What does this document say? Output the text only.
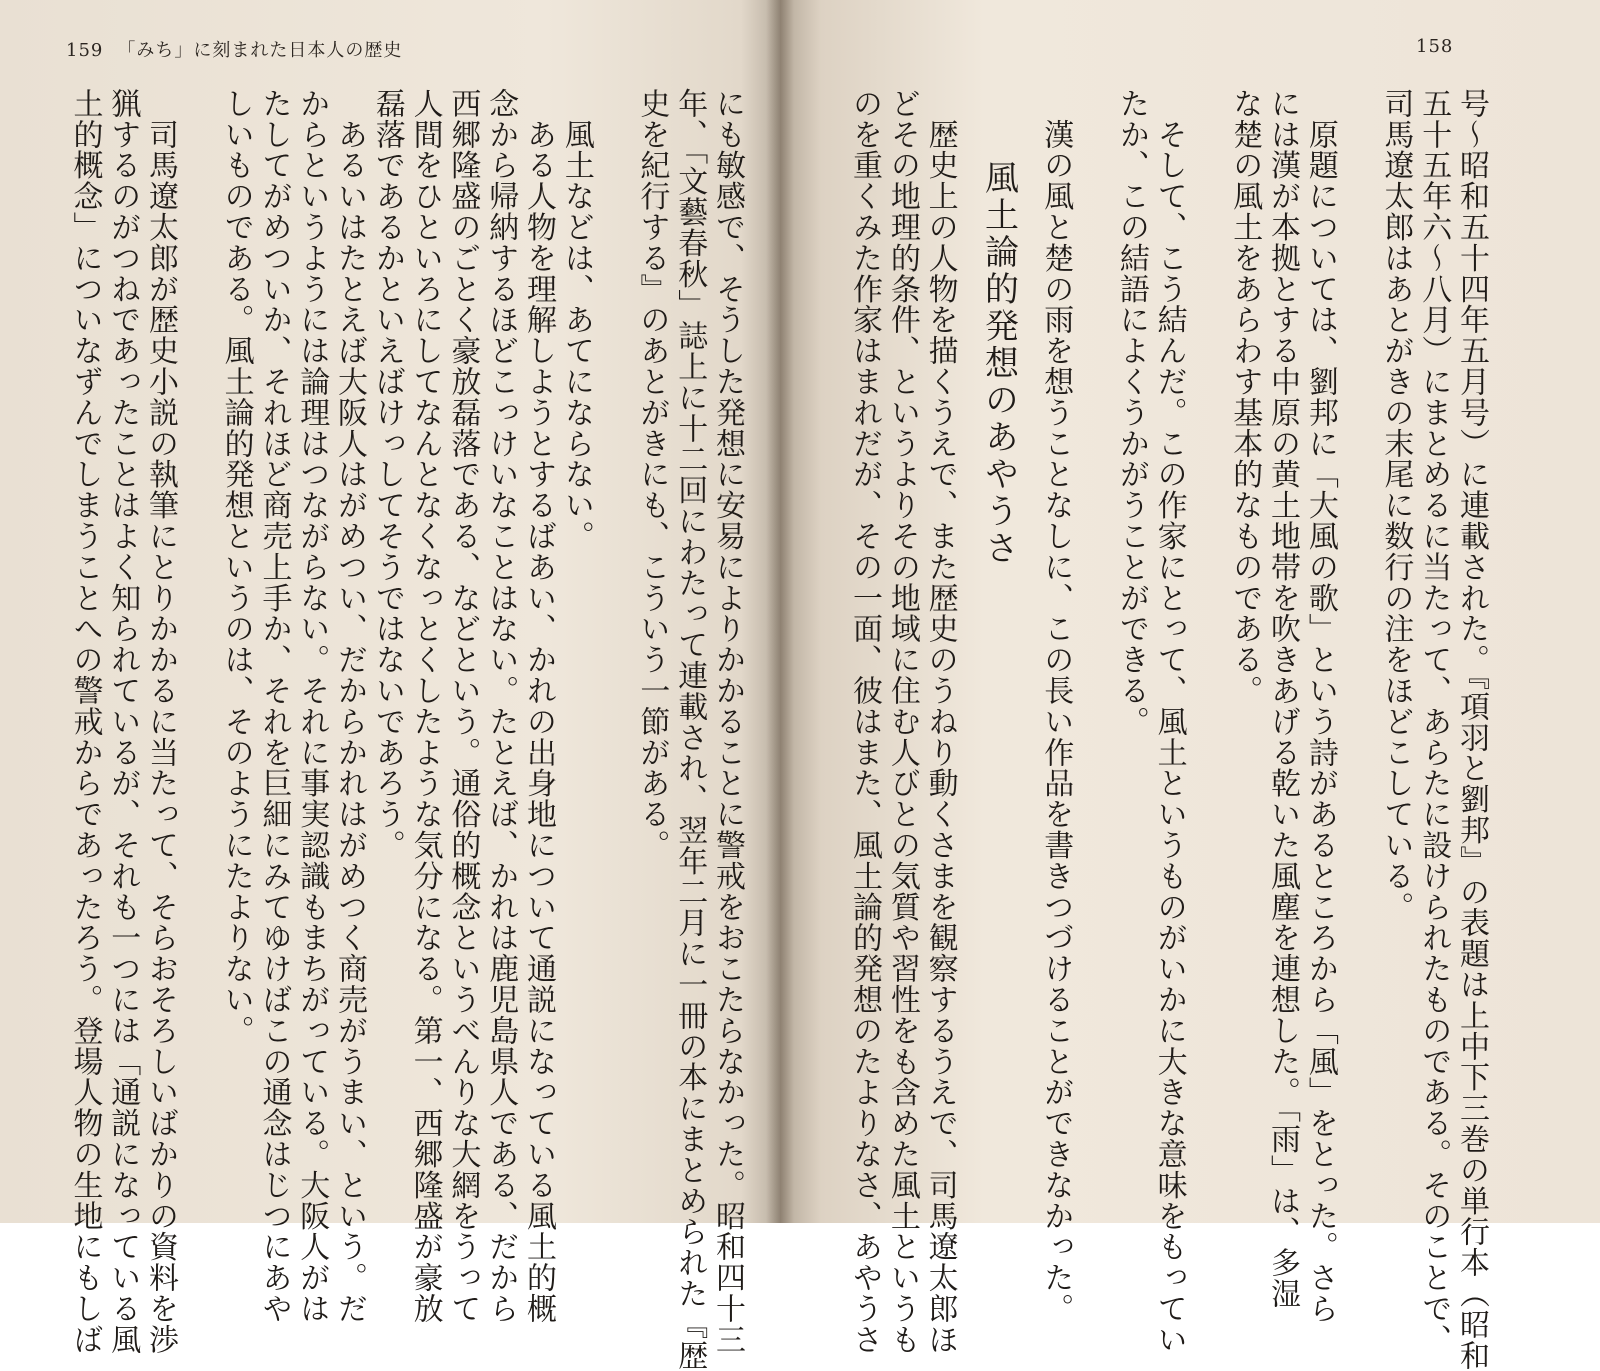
159 「みち」に刻まれた日本人の歴史	158
号〜昭和五十四年五月号）に連載された。『項羽と劉邦』の表題は上中下三巻の単行本（昭和
五十五年六〜八月）にまとめるに当たって、あらたに設けられたものである。そのことで、
司馬遼太郎はあとがきの末尾に数行の注をほどこしている。
　原題については、劉邦に「大風の歌」という詩があるところから「風」をとった。さら
には漢が本拠とする中原の黄土地帯を吹きあげる乾いた風塵を連想した。「雨」は、多湿
な楚の風土をあらわす基本的なものである。
　そして、こう結んだ。この作家にとって、風土というものがいかに大きな意味をもってい
たか、この結語によくうかがうことができる。
　漢の風と楚の雨を想うことなしに、この長い作品を書きつづけることができなかった。
風土論的発想のあやうさ
　歴史上の人物を描くうえで、また歴史のうねり動くさまを観察するうえで、司馬遼太郎ほ
どその地理的条件、というよりその地域に住む人びとの気質や習性をも含めた風土というも
のを重くみた作家はまれだが、その一面、彼はまた、風土論的発想のたよりなさ、あやうさ
にも敏感で、そうした発想に安易によりかかることに警戒をおこたらなかった。昭和四十三
年、「文藝春秋」誌上に十二回にわたって連載され、翌年二月に一冊の本にまとめられた『歴
史を紀行する』のあとがきにも、こういう一節がある。
　風土などは、あてにならない。
　ある人物を理解しようとするばあい、かれの出身地について通説になっている風土的概
念から帰納するほどこっけいなことはない。たとえば、かれは鹿児島県人である、だから
西郷隆盛のごとく豪放磊落である、などという。通俗的概念というべんりな大網をうって
人間をひといろにしてなんとなくなっとくしたような気分になる。第一、西郷隆盛が豪放
磊落であるかといえばけっしてそうではないであろう。
　あるいはたとえば大阪人はがめつい、だからかれはがめつく商売がうまい、という。だ
からというようには論理はつながらない。それに事実認識もまちがっている。大阪人がは
たしてがめついか、それほど商売上手か、それを巨細にみてゆけばこの通念はじつにあや
しいものである。風土論的発想というのは、そのようにたよりない。
　司馬遼太郎が歴史小説の執筆にとりかかるに当たって、そらおそろしいばかりの資料を渉
猟するのがつねであったことはよく知られているが、それも一つには「通説になっている風
土的概念」についなずんでしまうことへの警戒からであったろう。登場人物の生地にもしば
